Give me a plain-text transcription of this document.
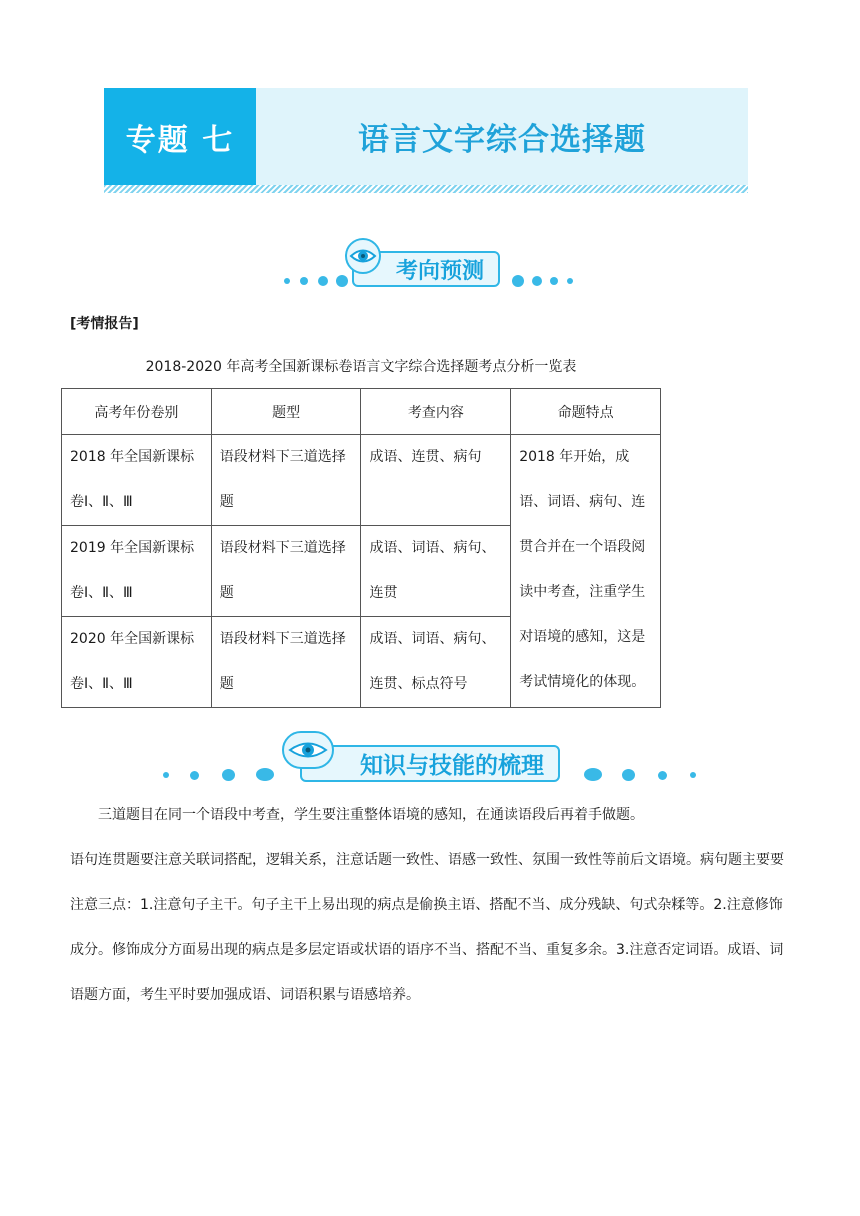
专题 七	语言文字综合选择题
考向预测
[考情报告]
2018-2020 年高考全国新课标卷语言文字综合选择题考点分析一览表
高考年份卷别	题型	考查内容	命题特点
2018 年全国新课标卷Ⅰ、Ⅱ、Ⅲ	语段材料下三道选择题	成语、连贯、病句	2018 年开始，成语、词语、病句、连贯合并在一个语段阅读中考查，注重学生对语境的感知，这是考试情境化的体现。
2019 年全国新课标卷Ⅰ、Ⅱ、Ⅲ	语段材料下三道选择题	成语、词语、病句、连贯	
2020 年全国新课标卷Ⅰ、Ⅱ、Ⅲ	语段材料下三道选择题	成语、词语、病句、连贯、标点符号	
知识与技能的梳理
三道题目在同一个语段中考查，学生要注重整体语境的感知，在通读语段后再着手做题。
语句连贯题要注意关联词搭配，逻辑关系，注意话题一致性、语感一致性、氛围一致性等前后文语境。病句题主要要注意三点：1.注意句子主干。句子主干上易出现的病点是偷换主语、搭配不当、成分残缺、句式杂糅等。2.注意修饰成分。修饰成分方面易出现的病点是多层定语或状语的语序不当、搭配不当、重复多余。3.注意否定词语。成语、词语题方面，考生平时要加强成语、词语积累与语感培养。
